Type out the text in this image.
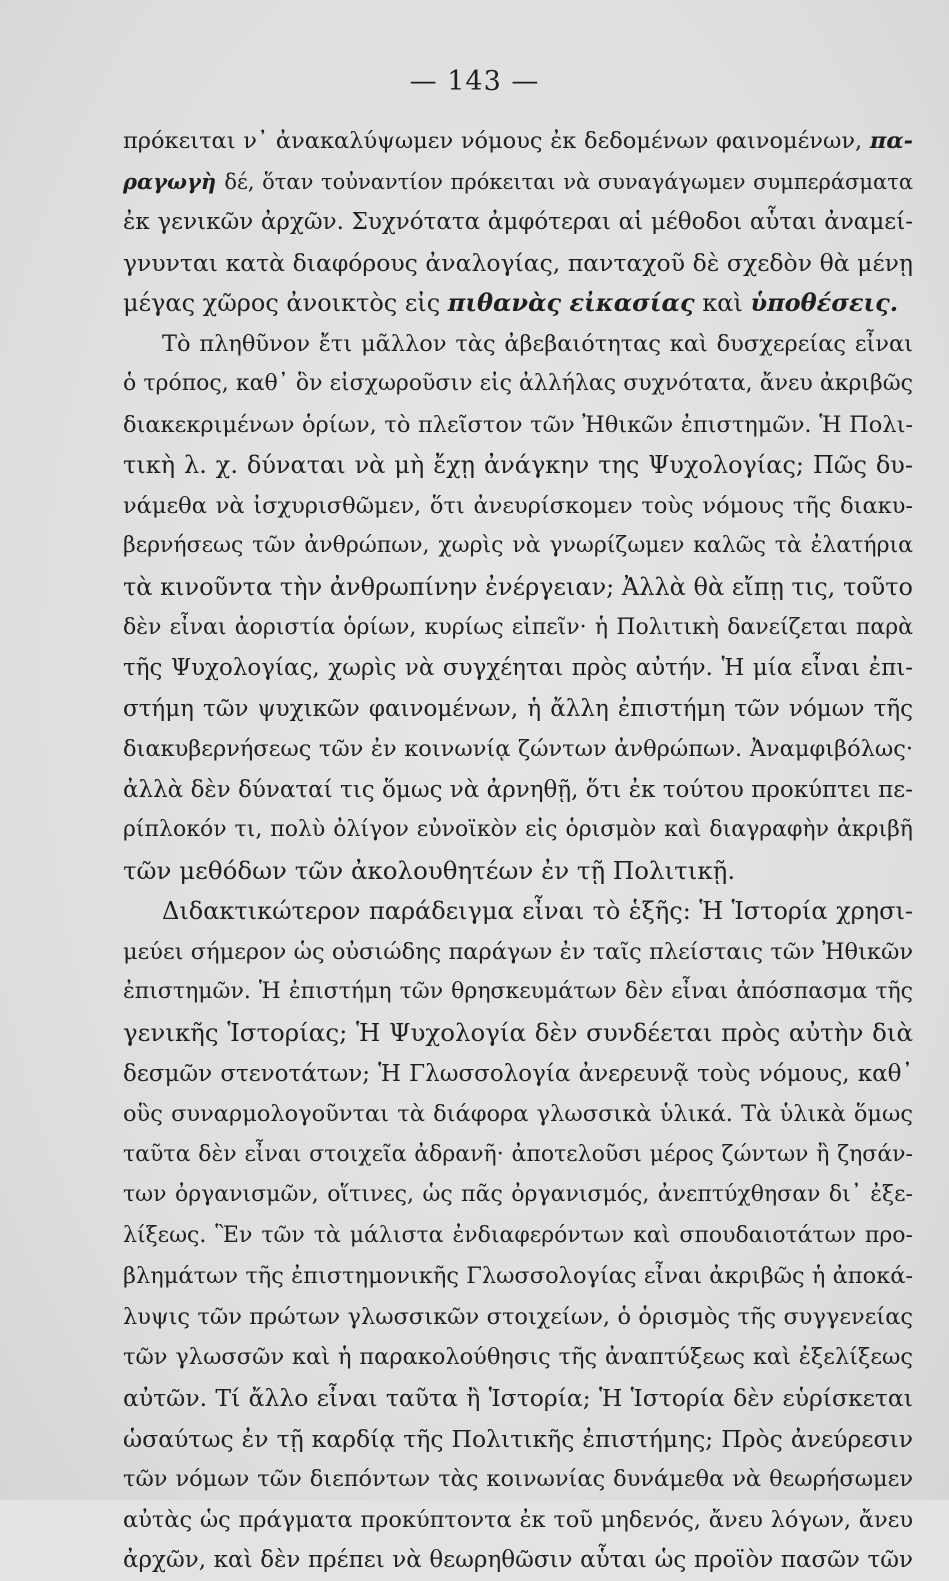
— 143 —
πρόκειται ν᾽ ἀνακαλύψωμεν νόμους ἐκ δεδομένων φαινομένων, πα-
ραγωγὴ δέ, ὅταν τοὐναντίον πρόκειται νὰ συναγάγωμεν συμπεράσματα
ἐκ γενικῶν ἀρχῶν. Συχνότατα ἀμφότεραι αἱ μέθοδοι αὗται ἀναμεί-
γνυνται κατὰ διαφόρους ἀναλογίας, πανταχοῦ δὲ σχεδὸν θὰ μένῃ
μέγας χῶρος ἀνοικτὸς εἰς πιθανὰς εἰκασίας καὶ ὑποθέσεις.
Τὸ πληθῦνον ἔτι μᾶλλον τὰς ἀβεβαιότητας καὶ δυσχερείας εἶναι
ὁ τρόπος, καθ᾽ ὃν εἰσχωροῦσιν εἰς ἀλλήλας συχνότατα, ἄνευ ἀκριβῶς
διακεκριμένων ὁρίων, τὸ πλεῖστον τῶν Ἠθικῶν ἐπιστημῶν. Ἡ Πολι-
τικὴ λ. χ. δύναται νὰ μὴ ἔχῃ ἀνάγκην της Ψυχολογίας; Πῶς δυ-
νάμεθα νὰ ἰσχυρισθῶμεν, ὅτι ἀνευρίσκομεν τοὺς νόμους τῆς διακυ-
βερνήσεως τῶν ἀνθρώπων, χωρὶς νὰ γνωρίζωμεν καλῶς τὰ ἐλατήρια
τὰ κινοῦντα τὴν ἀνθρωπίνην ἐνέργειαν; Ἀλλὰ θὰ εἴπῃ τις, τοῦτο
δὲν εἶναι ἀοριστία ὁρίων, κυρίως εἰπεῖν· ἡ Πολιτικὴ δανείζεται παρὰ
τῆς Ψυχολογίας, χωρὶς νὰ συγχέηται πρὸς αὐτήν. Ἡ μία εἶναι ἐπι-
στήμη τῶν ψυχικῶν φαινομένων, ἡ ἄλλη ἐπιστήμη τῶν νόμων τῆς
διακυβερνήσεως τῶν ἐν κοινωνίᾳ ζώντων ἀνθρώπων. Ἀναμφιβόλως·
ἀλλὰ δὲν δύναταί τις ὅμως νὰ ἀρνηθῇ, ὅτι ἐκ τούτου προκύπτει πε-
ρίπλοκόν τι, πολὺ ὀλίγον εὐνοϊκὸν εἰς ὁρισμὸν καὶ διαγραφὴν ἀκριβῆ
τῶν μεθόδων τῶν ἀκολουθητέων ἐν τῇ Πολιτικῇ.
Διδακτικώτερον παράδειγμα εἶναι τὸ ἑξῆς: Ἡ Ἱστορία χρησι-
μεύει σήμερον ὡς οὐσιώδης παράγων ἐν ταῖς πλείσταις τῶν Ἠθικῶν
ἐπιστημῶν. Ἡ ἐπιστήμη τῶν θρησκευμάτων δὲν εἶναι ἀπόσπασμα τῆς
γενικῆς Ἱστορίας; Ἡ Ψυχολογία δὲν συνδέεται πρὸς αὐτὴν διὰ
δεσμῶν στενοτάτων; Ἡ Γλωσσολογία ἀνερευνᾷ τοὺς νόμους, καθ᾽
οὓς συναρμολογοῦνται τὰ διάφορα γλωσσικὰ ὑλικά. Τὰ ὑλικὰ ὅμως
ταῦτα δὲν εἶναι στοιχεῖα ἀδρανῆ· ἀποτελοῦσι μέρος ζώντων ἢ ζησάν-
των ὀργανισμῶν, οἵτινες, ὡς πᾶς ὀργανισμός, ἀνεπτύχθησαν δι᾽ ἐξε-
λίξεως. Ἓν τῶν τὰ μάλιστα ἐνδιαφερόντων καὶ σπουδαιοτάτων προ-
βλημάτων τῆς ἐπιστημονικῆς Γλωσσολογίας εἶναι ἀκριβῶς ἡ ἀποκά-
λυψις τῶν πρώτων γλωσσικῶν στοιχείων, ὁ ὁρισμὸς τῆς συγγενείας
τῶν γλωσσῶν καὶ ἡ παρακολούθησις τῆς ἀναπτύξεως καὶ ἐξελίξεως
αὐτῶν. Τί ἄλλο εἶναι ταῦτα ἢ Ἱστορία; Ἡ Ἱστορία δὲν εὑρίσκεται
ὡσαύτως ἐν τῇ καρδίᾳ τῆς Πολιτικῆς ἐπιστήμης; Πρὸς ἀνεύρεσιν
τῶν νόμων τῶν διεπόντων τὰς κοινωνίας δυνάμεθα νὰ θεωρήσωμεν
αὐτὰς ὡς πράγματα προκύπτοντα ἐκ τοῦ μηδενός, ἄνευ λόγων, ἄνευ
ἀρχῶν, καὶ δὲν πρέπει νὰ θεωρηθῶσιν αὗται ὡς προϊὸν πασῶν τῶν
